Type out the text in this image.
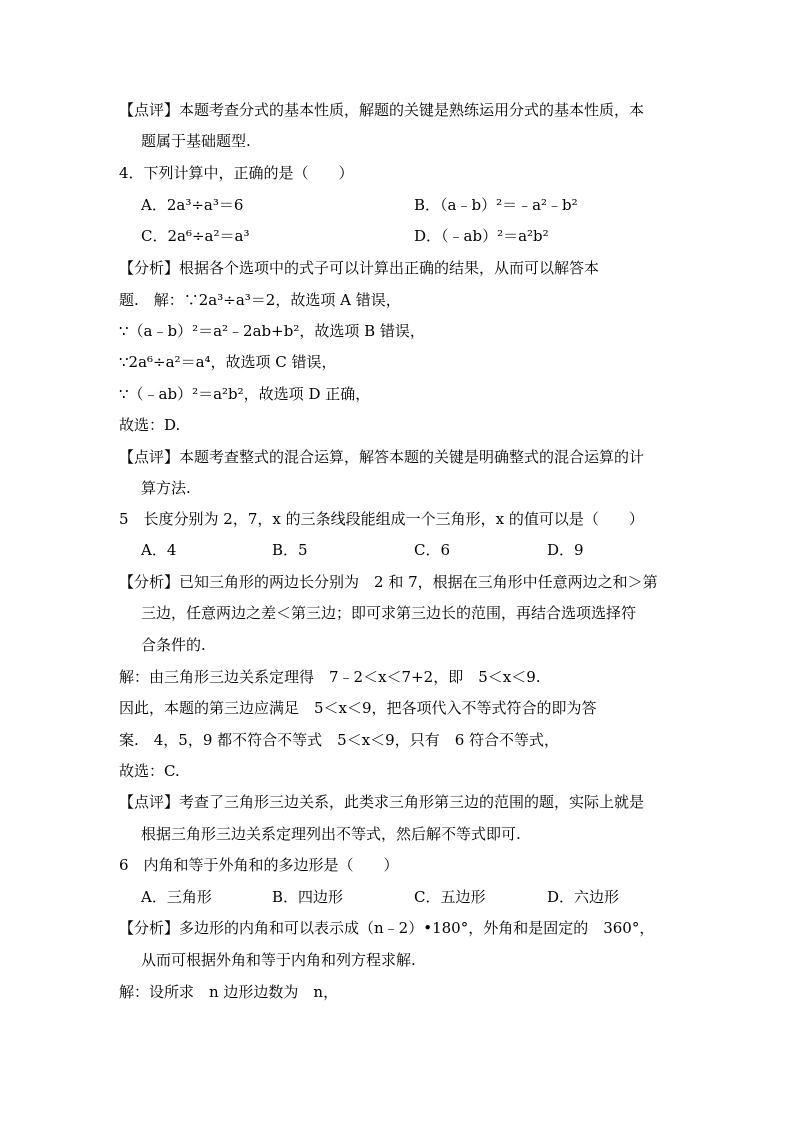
【点评】本题考查分式的基本性质，解题的关键是熟练运用分式的基本性质，本
题属于基础题型.
4．下列计算中，正确的是（　　）
A．2a³÷a³＝6	B．（a﹣b）²＝﹣a²﹣b²
C．2a⁶÷a²＝a³	D．（﹣ab）²＝a²b²
【分析】根据各个选项中的式子可以计算出正确的结果，从而可以解答本
题.　解：∵2a³÷a³＝2，故选项 A 错误，
∵（a﹣b）²＝a²﹣2ab+b²，故选项 B 错误，
∵2a⁶÷a²＝a⁴，故选项 C 错误，
∵（﹣ab）²＝a²b²，故选项 D 正确，
故选：D.
【点评】本题考查整式的混合运算，解答本题的关键是明确整式的混合运算的计
算方法.
5　长度分别为 2，7，x 的三条线段能组成一个三角形，x 的值可以是（　　）
A．4	B．5	C．6	D．9
【分析】已知三角形的两边长分别为　2 和 7，根据在三角形中任意两边之和＞第
三边，任意两边之差＜第三边；即可求第三边长的范围，再结合选项选择符
合条件的.
解：由三角形三边关系定理得　7﹣2＜x＜7+2，即　5＜x＜9.
因此，本题的第三边应满足　5＜x＜9，把各项代入不等式符合的即为答
案.　4，5，9 都不符合不等式　5＜x＜9，只有　6 符合不等式，
故选：C.
【点评】考查了三角形三边关系，此类求三角形第三边的范围的题，实际上就是
根据三角形三边关系定理列出不等式，然后解不等式即可.
6　内角和等于外角和的多边形是（　　）
A．三角形	B．四边形	C．五边形	D．六边形
【分析】多边形的内角和可以表示成（n﹣2）•180°，外角和是固定的　360°，
从而可根据外角和等于内角和列方程求解.
解：设所求　n 边形边数为　n，
